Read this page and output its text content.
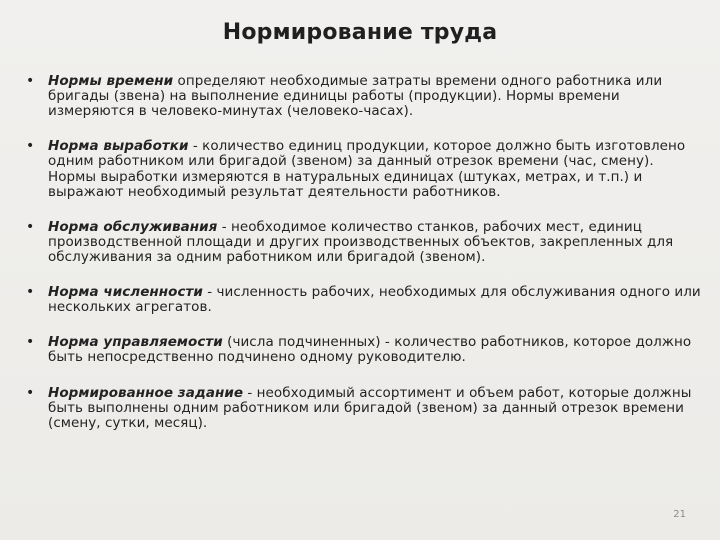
Нормирование труда
• Нормы времени определяют необходимые затраты времени одного работника или бригады (звена) на выполнение единицы работы (продукции). Нормы времени измеряются в человеко-минутах (человеко-часах).
• Норма выработки - количество единиц продукции, которое должно быть изготовлено одним работником или бригадой (звеном) за данный отрезок времени (час, смену). Нормы выработки измеряются в натуральных единицах (штуках, метрах, и т.п.) и выражают необходимый результат деятельности работников.
• Норма обслуживания - необходимое количество станков, рабочих мест, единиц производственной площади и других производственных объектов, закрепленных для обслуживания за одним работником или бригадой (звеном).
• Норма численности - численность рабочих, необходимых для обслуживания одного или нескольких агрегатов.
• Норма управляемости (числа подчиненных) - количество работников, которое должно быть непосредственно подчинено одному руководителю.
• Нормированное задание - необходимый ассортимент и объем работ, которые должны быть выполнены одним работником или бригадой (звеном) за данный отрезок времени (смену, сутки, месяц).
21
